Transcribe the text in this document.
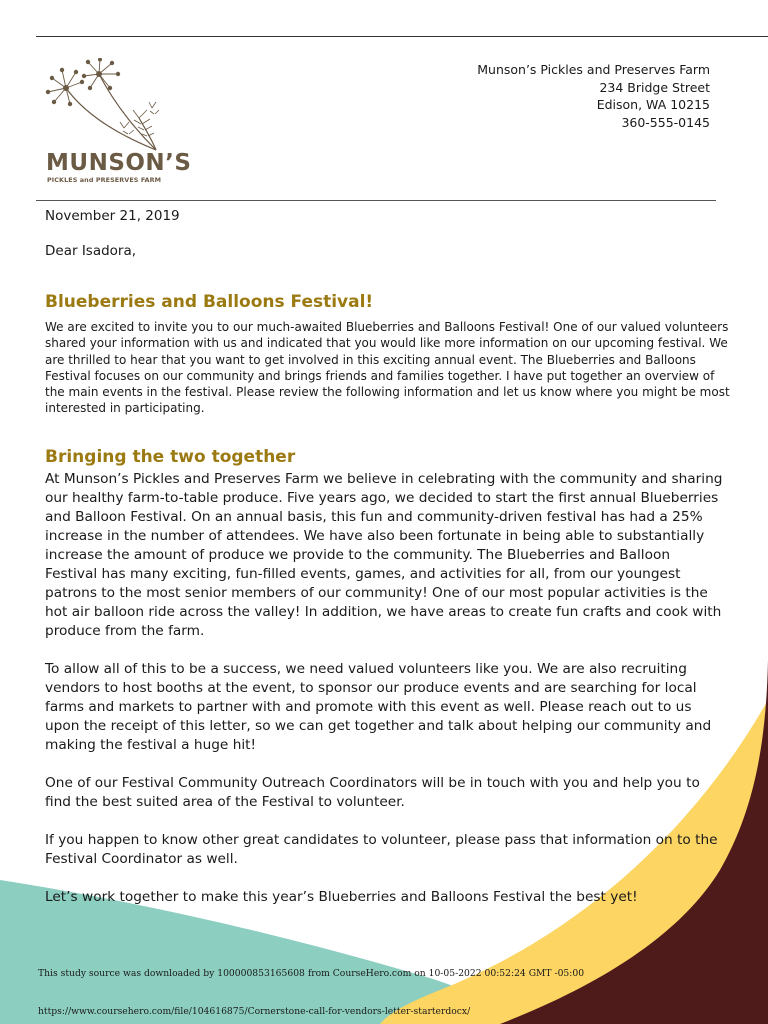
MUNSON’S
PICKLES and PRESERVES FARM
Munson’s Pickles and Preserves Farm
234 Bridge Street
Edison, WA 10215
360-555-0145
November 21, 2019
Dear Isadora,
Blueberries and Balloons Festival!

We are excited to invite you to our much-awaited Blueberries and Balloons Festival! One of our valued volunteers shared your information with us and indicated that you would like more information on our upcoming festival. We are thrilled to hear that you want to get involved in this exciting annual event. The Blueberries and Balloons Festival focuses on our community and brings friends and families together. I have put together an overview of the main events in the festival. Please review the following information and let us know where you might be most interested in participating.

Bringing the two together

At Munson’s Pickles and Preserves Farm we believe in celebrating with the community and sharing our healthy farm-to-table produce. Five years ago, we decided to start the first annual Blueberries and Balloon Festival. On an annual basis, this fun and community-driven festival has had a 25% increase in the number of attendees. We have also been fortunate in being able to substantially increase the amount of produce we provide to the community. The Blueberries and Balloon Festival has many exciting, fun-filled events, games, and activities for all, from our youngest patrons to the most senior members of our community! One of our most popular activities is the hot air balloon ride across the valley! In addition, we have areas to create fun crafts and cook with produce from the farm.

To allow all of this to be a success, we need valued volunteers like you. We are also recruiting vendors to host booths at the event, to sponsor our produce events and are searching for local farms and markets to partner with and promote with this event as well. Please reach out to us upon the receipt of this letter, so we can get together and talk about helping our community and making the festival a huge hit!

One of our Festival Community Outreach Coordinators will be in touch with you and help you to find the best suited area of the Festival to volunteer.

If you happen to know other great candidates to volunteer, please pass that information on to the Festival Coordinator as well.

Let’s work together to make this year’s Blueberries and Balloons Festival the best yet!

This study source was downloaded by 100000853165608 from CourseHero.com on 10-05-2022 00:52:24 GMT -05:00
https://www.coursehero.com/file/104616875/Cornerstone-call-for-vendors-letter-starterdocx/
